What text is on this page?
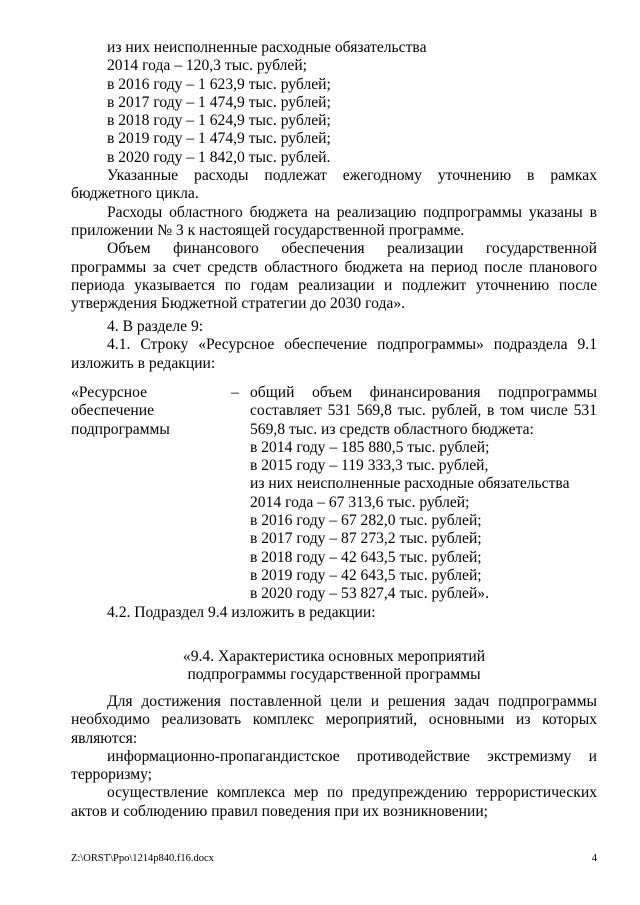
из них неисполненные расходные обязательства

2014 года – 120,3 тыс. рублей;

в 2016 году – 1 623,9 тыс. рублей;

в 2017 году – 1 474,9 тыс. рублей;

в 2018 году – 1 624,9 тыс. рублей;

в 2019 году – 1 474,9 тыс. рублей;

в 2020 году – 1 842,0 тыс. рублей.

Указанные расходы подлежат ежегодному уточнению в рамках бюджетного цикла.

Расходы областного бюджета на реализацию подпрограммы указаны в приложении № 3 к настоящей государственной программе.

Объем финансового обеспечения реализации государственной программы за счет средств областного бюджета на период после планового периода указывается по годам реализации и подлежит уточнению после утверждения Бюджетной стратегии до 2030 года».

4. В разделе 9:

4.1. Строку «Ресурсное обеспечение подпрограммы» подраздела 9.1 изложить в редакции:

«Ресурсное
обеспечение
подпрограммы
– общий объем финансирования подпрограммы составляет 531 569,8 тыс. рублей, в том числе 531 569,8 тыс. из средств областного бюджета:

в 2014 году – 185 880,5 тыс. рублей;

в 2015 году – 119 333,3 тыс. рублей,

из них неисполненные расходные обязательства

2014 года – 67 313,6 тыс. рублей;

в 2016 году – 67 282,0 тыс. рублей;

в 2017 году – 87 273,2 тыс. рублей;

в 2018 году – 42 643,5 тыс. рублей;

в 2019 году – 42 643,5 тыс. рублей;

в 2020 году – 53 827,4 тыс. рублей».

4.2. Подраздел 9.4 изложить в редакции:

«9.4. Характеристика основных мероприятий
подпрограммы государственной программы

Для достижения поставленной цели и решения задач подпрограммы необходимо реализовать комплекс мероприятий, основными из которых являются:

информационно-пропагандистское противодействие экстремизму и терроризму;

осуществление комплекса мер по предупреждению террористических актов и соблюдению правил поведения при их возникновении;

Z:\ORST\Ppo\1214p840.f16.docx	4
